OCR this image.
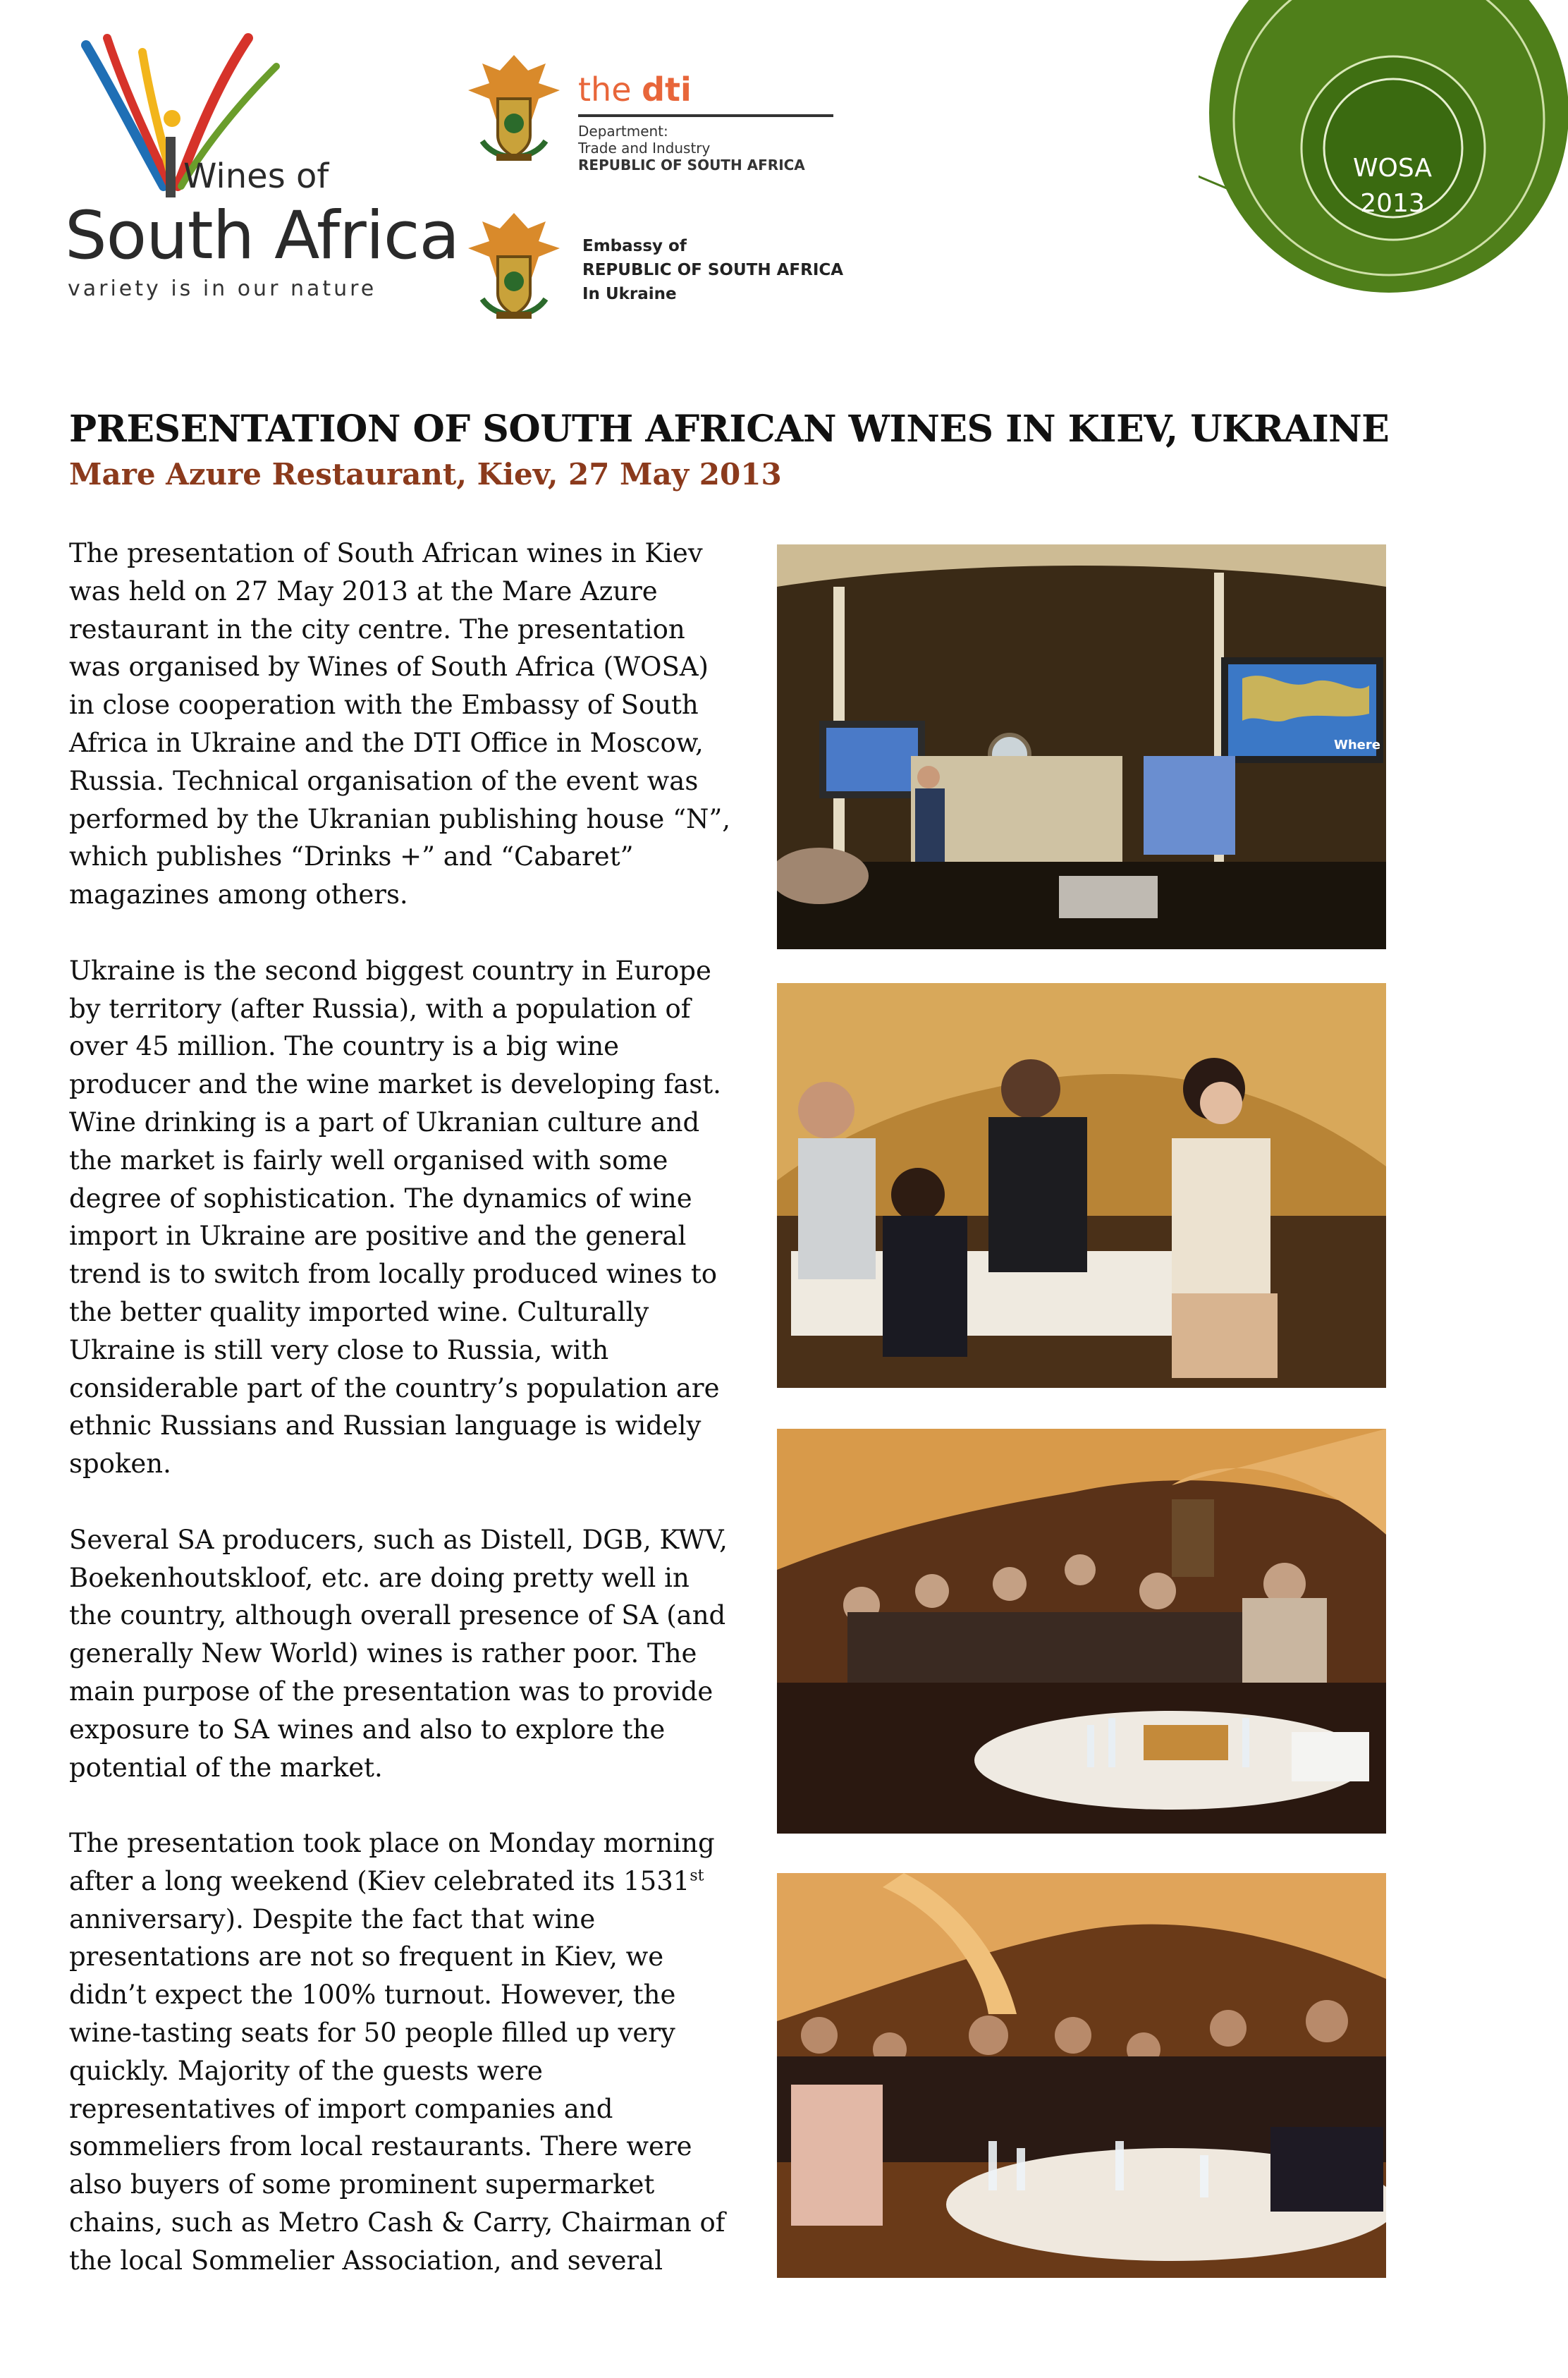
Wines of
South Africa
variety is in our nature
the dti
Department:
Trade and Industry
REPUBLIC OF SOUTH AFRICA
Embassy of
REPUBLIC OF SOUTH AFRICA
In Ukraine
WOSA
2013
PRESENTATION OF SOUTH AFRICAN WINES IN KIEV, UKRAINE
Mare Azure Restaurant, Kiev, 27 May 2013

The presentation of South African wines in Kiev
was held on 27 May 2013 at the Mare Azure
restaurant in the city centre. The presentation
was organised by Wines of South Africa (WOSA)
in close cooperation with the Embassy of South
Africa in Ukraine and the DTI Office in Moscow,
Russia. Technical organisation of the event was
performed by the Ukranian publishing house “N”,
which publishes “Drinks +” and “Cabaret”
magazines among others.

Ukraine is the second biggest country in Europe
by territory (after Russia), with a population of
over 45 million. The country is a big wine
producer and the wine market is developing fast.
Wine drinking is a part of Ukranian culture and
the market is fairly well organised with some
degree of sophistication. The dynamics of wine
import in Ukraine are positive and the general
trend is to switch from locally produced wines to
the better quality imported wine. Culturally
Ukraine is still very close to Russia, with
considerable part of the country’s population are
ethnic Russians and Russian language is widely
spoken.

Several SA producers, such as Distell, DGB, KWV,
Boekenhoutskloof, etc. are doing pretty well in
the country, although overall presence of SA (and
generally New World) wines is rather poor. The
main purpose of the presentation was to provide
exposure to SA wines and also to explore the
potential of the market.

The presentation took place on Monday morning
after a long weekend (Kiev celebrated its 1531st
anniversary). Despite the fact that wine
presentations are not so frequent in Kiev, we
didn’t expect the 100% turnout. However, the
wine-tasting seats for 50 people filled up very
quickly. Majority of the guests were
representatives of import companies and
sommeliers from local restaurants. There were
also buyers of some prominent supermarket
chains, such as Metro Cash & Carry, Chairman of
the local Sommelier Association, and several

Where
